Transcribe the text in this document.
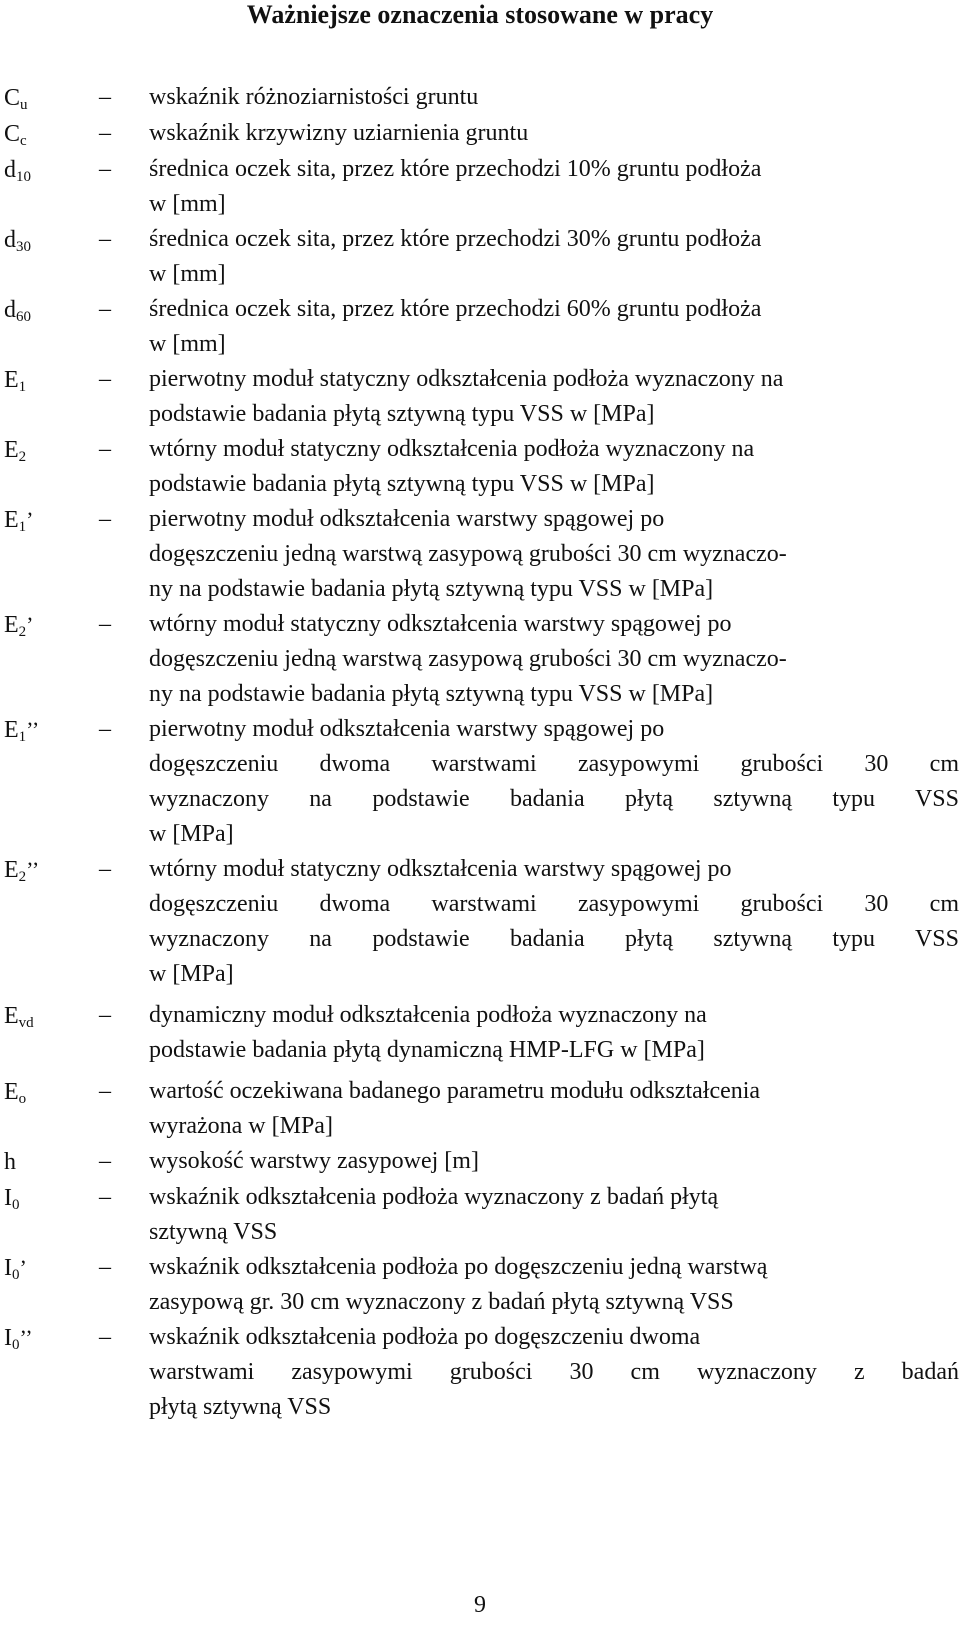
Ważniejsze oznaczenia stosowane w pracy
$C_u$	–	wskaźnik różnoziarnistości gruntu
$C_c$	–	wskaźnik krzywizny uziarnienia gruntu
$d_{10}$	–	średnica oczek sita, przez które przechodzi 10% gruntu podłoża
w [mm]
$d_{30}$	–	średnica oczek sita, przez które przechodzi 30% gruntu podłoża
w [mm]
$d_{60}$	–	średnica oczek sita, przez które przechodzi 60% gruntu podłoża
w [mm]
$E_1$	–	pierwotny moduł statyczny odkształcenia podłoża wyznaczony na
podstawie badania płytą sztywną typu VSS w [MPa]
$E_2$	–	wtórny moduł statyczny odkształcenia podłoża wyznaczony na
podstawie badania płytą sztywną typu VSS w [MPa]
$E_1$’	–	pierwotny moduł odkształcenia warstwy spągowej po
dogęszczeniu jedną warstwą zasypową grubości 30 cm wyznaczo-
ny na podstawie badania płytą sztywną typu VSS w [MPa]
$E_2$’	–	wtórny moduł statyczny odkształcenia warstwy spągowej po
dogęszczeniu jedną warstwą zasypową grubości 30 cm wyznaczo-
ny na podstawie badania płytą sztywną typu VSS w [MPa]
$E_1$’’	–	pierwotny moduł odkształcenia warstwy spągowej po
dogęszczeniu dwoma warstwami zasypowymi grubości 30 cm
wyznaczony na podstawie badania płytą sztywną typu VSS
w [MPa]
$E_2$’’	–	wtórny moduł statyczny odkształcenia warstwy spągowej po
dogęszczeniu dwoma warstwami zasypowymi grubości 30 cm
wyznaczony na podstawie badania płytą sztywną typu VSS
w [MPa]
$E_{vd}$	–	dynamiczny moduł odkształcenia podłoża wyznaczony na
podstawie badania płytą dynamiczną HMP-LFG w [MPa]
$E_o$	–	wartość oczekiwana badanego parametru modułu odkształcenia
wyrażona w [MPa]
h	–	wysokość warstwy zasypowej [m]
$I_0$	–	wskaźnik odkształcenia podłoża wyznaczony z badań płytą
sztywną VSS
$I_0$’	–	wskaźnik odkształcenia podłoża po dogęszczeniu jedną warstwą
zasypową gr. 30 cm wyznaczony z badań płytą sztywną VSS
$I_0$’’	–	wskaźnik odkształcenia podłoża po dogęszczeniu dwoma
warstwami zasypowymi grubości 30 cm wyznaczony z badań
płytą sztywną VSS
9
